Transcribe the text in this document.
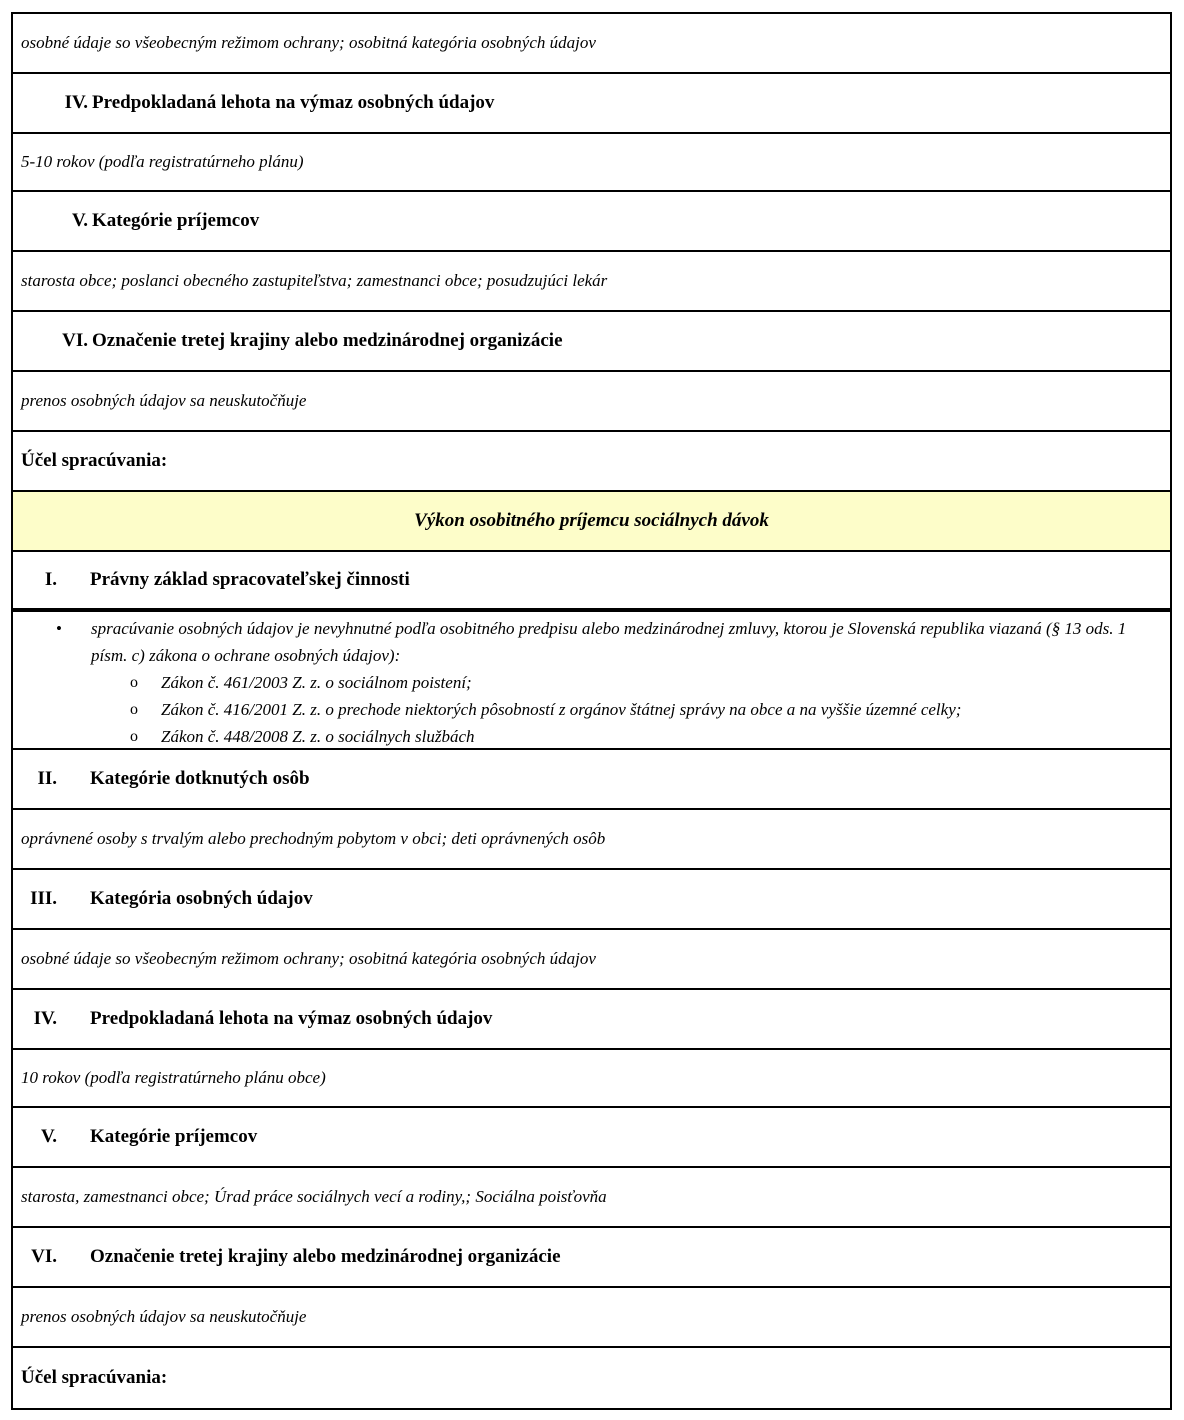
osobné údaje so všeobecným režimom ochrany; osobitná kategória osobných údajov
IV. Predpokladaná lehota na výmaz osobných údajov
5-10 rokov (podľa registratúrneho plánu)
V. Kategórie príjemcov
starosta obce; poslanci obecného zastupiteľstva; zamestnanci obce; posudzujúci lekár
VI. Označenie tretej krajiny alebo medzinárodnej organizácie
prenos osobných údajov sa neuskutočňuje
Účel spracúvania:
Výkon osobitného príjemcu sociálnych dávok
I. Právny základ spracovateľskej činnosti
• spracúvanie osobných údajov je nevyhnutné podľa osobitného predpisu alebo medzinárodnej zmluvy, ktorou je Slovenská republika viazaná (§ 13 ods. 1 písm. c) zákona o ochrane osobných údajov):
o Zákon č. 461/2003 Z. z. o sociálnom poistení;
o Zákon č. 416/2001 Z. z. o prechode niektorých pôsobností z orgánov štátnej správy na obce a na vyššie územné celky;
o Zákon č. 448/2008 Z. z. o sociálnych službách
II. Kategórie dotknutých osôb
oprávnené osoby s trvalým alebo prechodným pobytom v obci; deti oprávnených osôb
III. Kategória osobných údajov
osobné údaje so všeobecným režimom ochrany; osobitná kategória osobných údajov
IV. Predpokladaná lehota na výmaz osobných údajov
10 rokov (podľa registratúrneho plánu obce)
V. Kategórie príjemcov
starosta, zamestnanci obce; Úrad práce sociálnych vecí a rodiny,; Sociálna poisťovňa
VI. Označenie tretej krajiny alebo medzinárodnej organizácie
prenos osobných údajov sa neuskutočňuje
Účel spracúvania:
